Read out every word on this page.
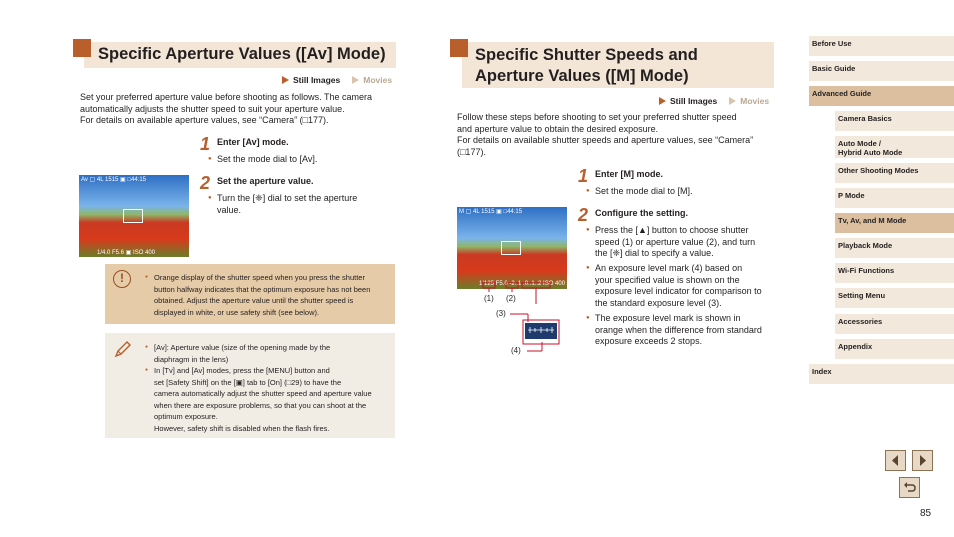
Specific Aperture Values ([Av] Mode)
Still Images	Movies
Set your preferred aperture value before shooting as follows. The camera
automatically adjusts the shutter speed to suit your aperture value.
For details on available aperture values, see “Camera” (□177).
1 Enter [Av] mode.
● Set the mode dial to [Av].
2 Set the aperture value.
● Turn the [❈] dial to set the aperture
value.
Av ▢ 4L 1515 ▣ □44:15
1/4.0 F5.6 ▣ ISO 400
!
●	Orange display of the shutter speed when you press the shutter
button halfway indicates that the optimum exposure has not been
obtained. Adjust the aperture value until the shutter speed is
displayed in white, or use safety shift (see below).
● [Av]: Aperture value (size of the opening made by the
diaphragm in the lens)
● In [Tv] and [Av] modes, press the [MENU] button and
set [Safety Shift] on the [▣] tab to [On] (□29) to have the
camera automatically adjust the shutter speed and aperture value
when there are exposure problems, so that you can shoot at the
optimum exposure.
However, safety shift is disabled when the flash fires.
Specific Shutter Speeds and
Aperture Values ([M] Mode)
Still Images	Movies
Follow these steps before shooting to set your preferred shutter speed
and aperture value to obtain the desired exposure.
For details on available shutter speeds and aperture values, see “Camera”
(□177).
1 Enter [M] mode.
● Set the mode dial to [M].
2 Configure the setting.
● Press the [▲] button to choose shutter
speed (1) or aperture value (2), and turn
the [❈] dial to specify a value.
● An exposure level mark (4) based on
your specified value is shown on the
exposure level indicator for comparison to
the standard exposure level (3).
● The exposure level mark is shown in
orange when the difference from standard
exposure exceeds 2 stops.
M ▢ 4L 1515 ▣ □44:15
1/125 F5.6 -2..1..0..1..2 ISO 400
(1) (2)
(3)
(4)
Before Use
Basic Guide
Advanced Guide
Camera Basics
Auto Mode /
Hybrid Auto Mode
Other Shooting Modes
P Mode
Tv, Av, and M Mode
Playback Mode
Wi-Fi Functions
Setting Menu
Accessories
Appendix
Index
85
